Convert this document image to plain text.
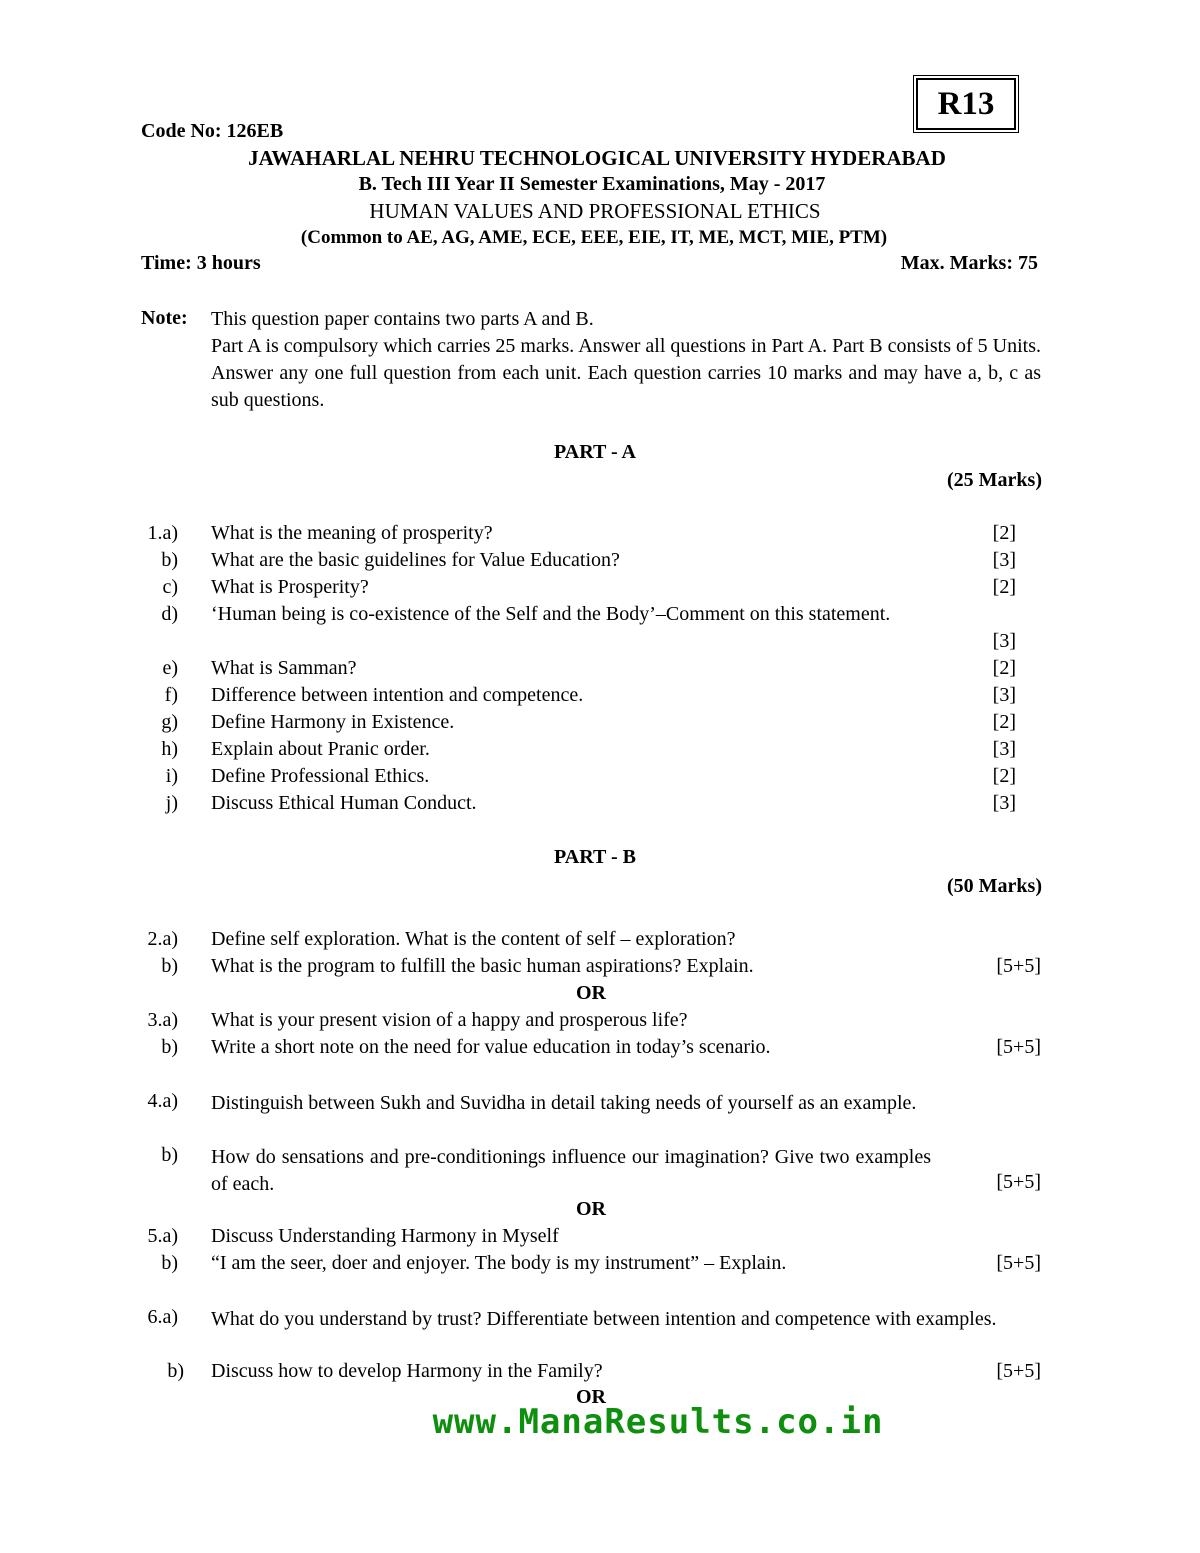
R13
Code No: 126EB
JAWAHARLAL NEHRU TECHNOLOGICAL UNIVERSITY HYDERABAD
B. Tech III Year II Semester Examinations, May - 2017
HUMAN VALUES AND PROFESSIONAL ETHICS
(Common to AE, AG, AME, ECE, EEE, EIE, IT, ME, MCT, MIE, PTM)
Time: 3 hours	Max. Marks: 75
Note: This question paper contains two parts A and B.
Part A is compulsory which carries 25 marks. Answer all questions in Part A. Part B consists of 5 Units. Answer any one full question from each unit. Each question carries 10 marks and may have a, b, c as sub questions.
PART - A
(25 Marks)
1.a) What is the meaning of prosperity?	[2]
b) What are the basic guidelines for Value Education?	[3]
c) What is Prosperity?	[2]
d) ‘Human being is co-existence of the Self and the Body’–Comment on this statement.
[3]
e) What is Samman?	[2]
f) Difference between intention and competence.	[3]
g) Define Harmony in Existence.	[2]
h) Explain about Pranic order.	[3]
i) Define Professional Ethics.	[2]
j) Discuss Ethical Human Conduct.	[3]
PART - B
(50 Marks)
2.a) Define self exploration. What is the content of self – exploration?
b) What is the program to fulfill the basic human aspirations? Explain.	[5+5]
OR
3.a) What is your present vision of a happy and prosperous life?
b) Write a short note on the need for value education in today’s scenario.	[5+5]
4.a) Distinguish between Sukh and Suvidha in detail taking needs of yourself as an example.
b) How do sensations and pre-conditionings influence our imagination? Give two examples of each.	[5+5]
OR
5.a) Discuss Understanding Harmony in Myself
b) “I am the seer, doer and enjoyer. The body is my instrument” – Explain.	[5+5]
6.a) What do you understand by trust? Differentiate between intention and competence with examples.
b) Discuss how to develop Harmony in the Family?	[5+5]
OR
www.ManaResults.co.in
